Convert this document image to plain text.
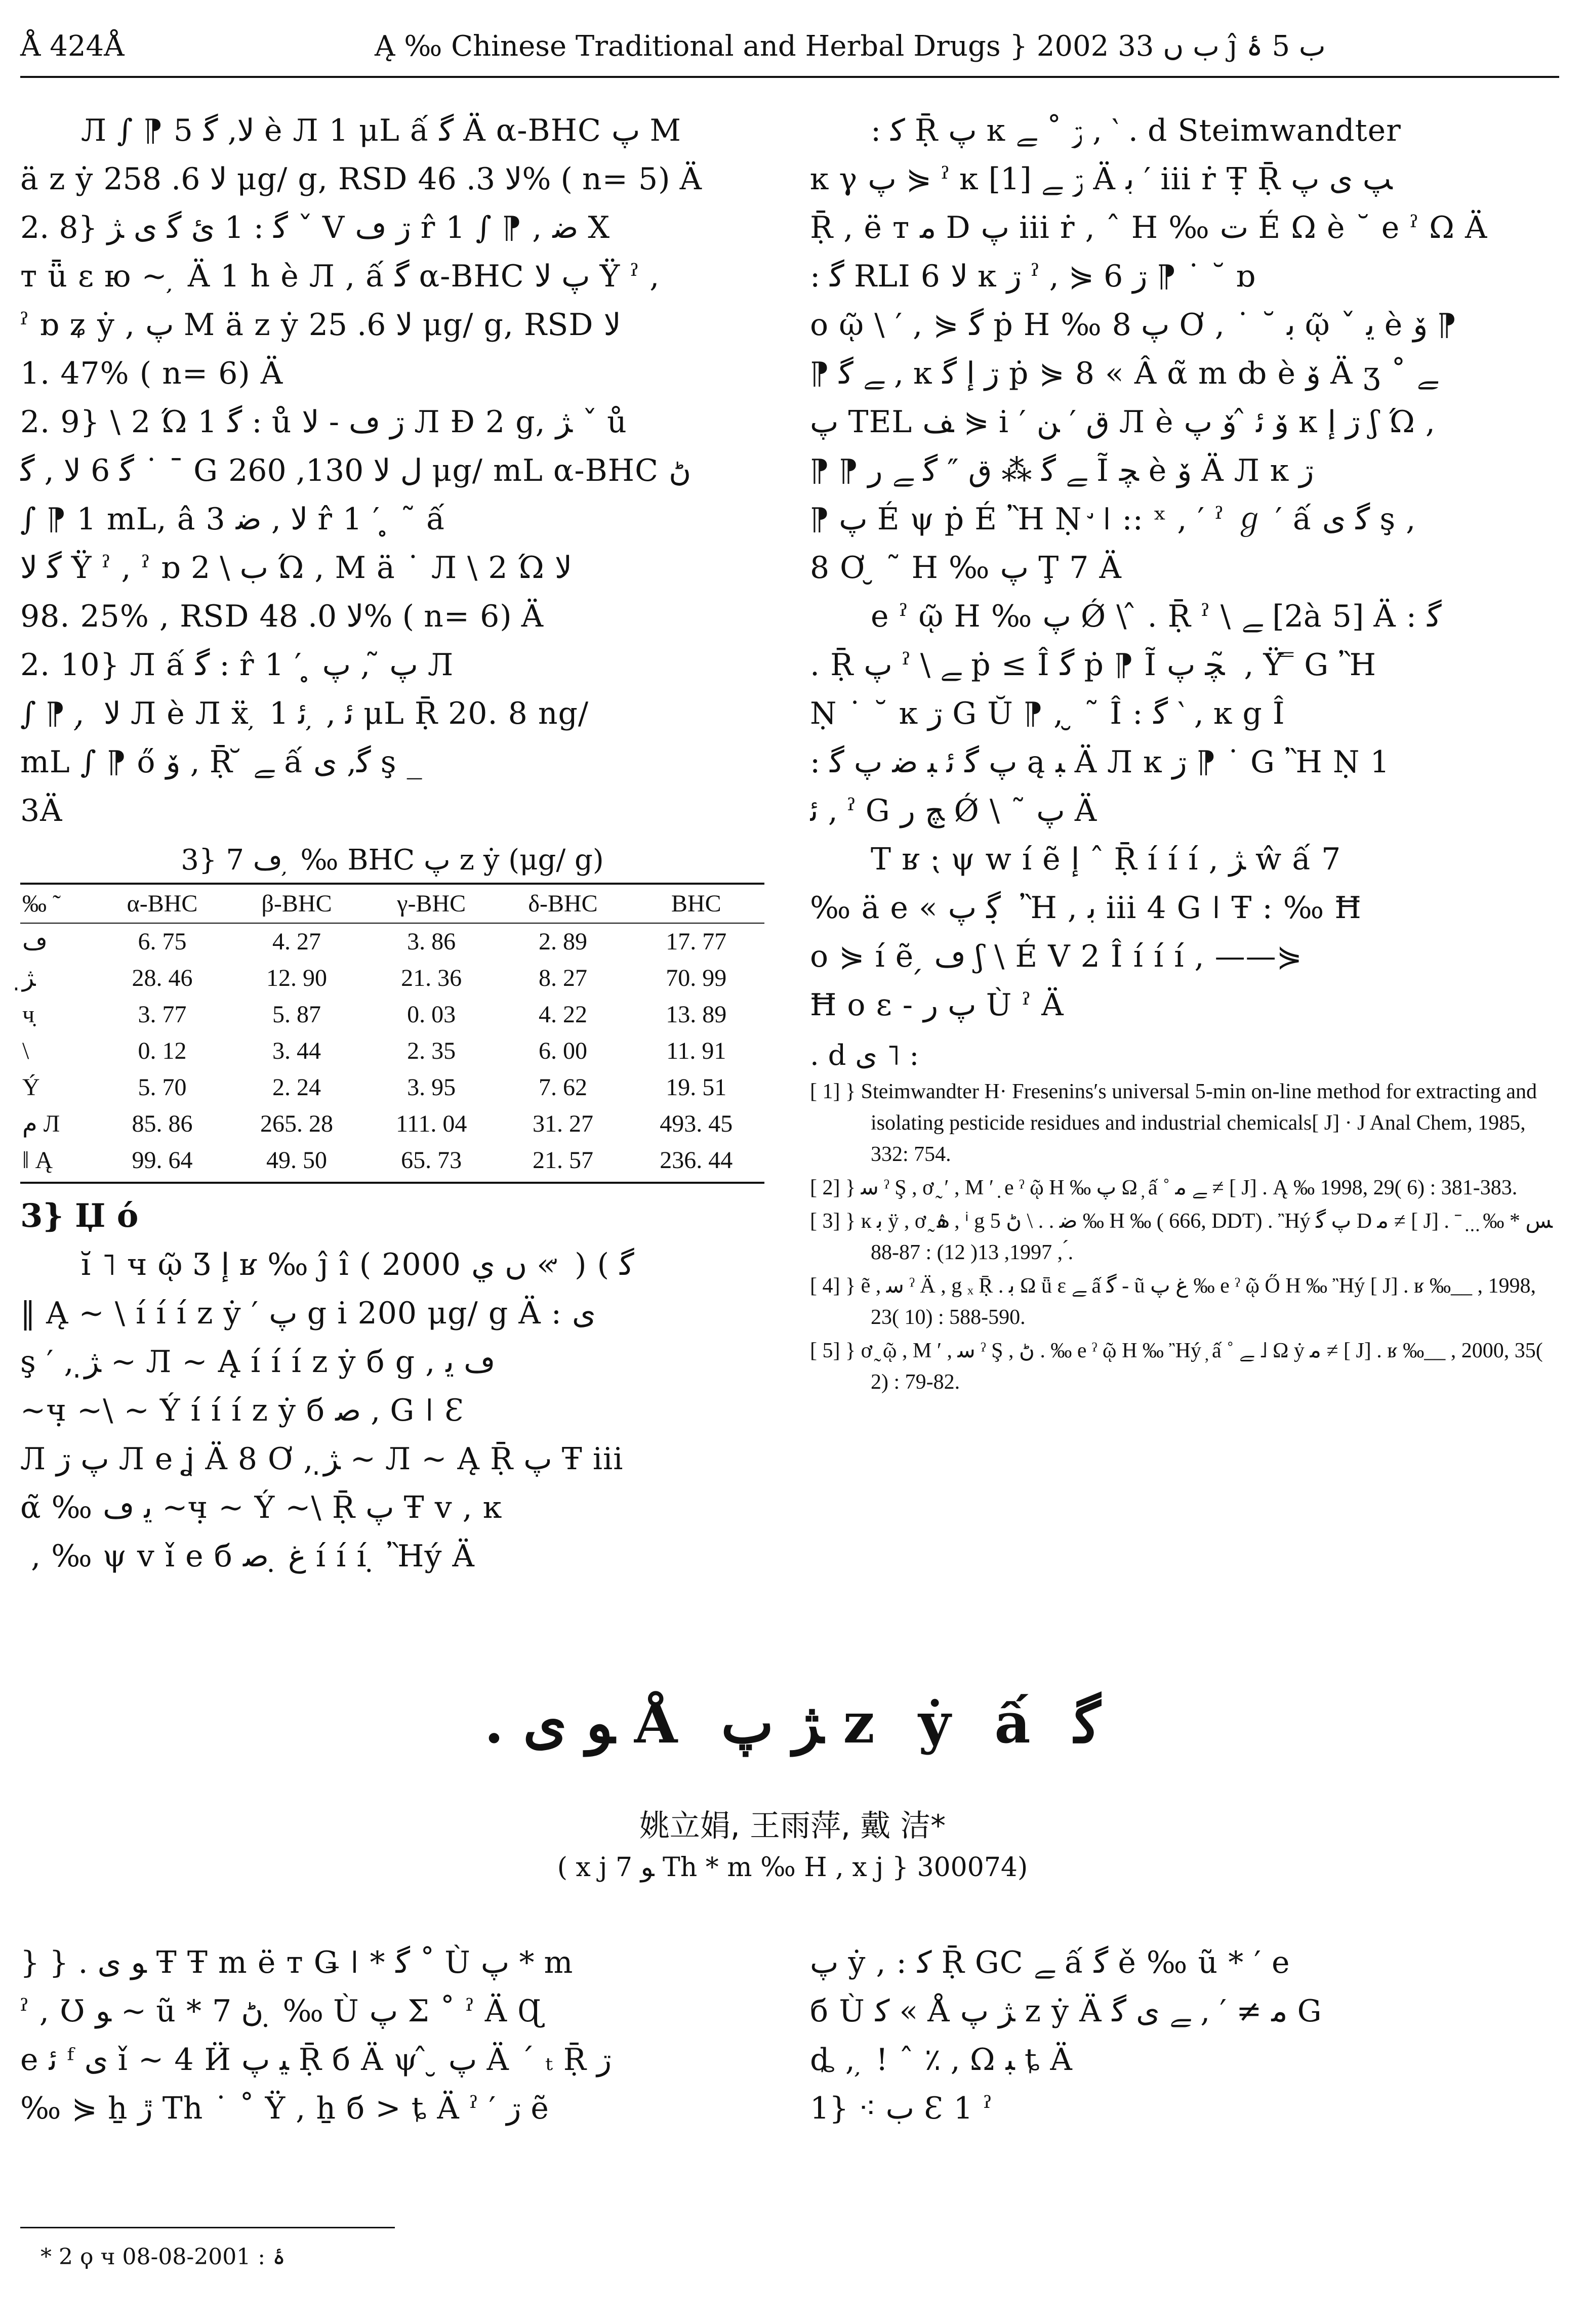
Å 424Å	Ą ‰ Chinese Traditional and Herbal Drugs } 2002 ب ں 33 ĵ ب 5 ۂ

Л ∫ ⁋ 5 ﻻ, ﮔ è Л 1 μL ấ ﮔ Ä α-BHC پ M

ä z ẏ ﻻ 6. 258 μg/ g, RSD ﻻ 3. 46% ( n= 5) Ä

2. 8} ﮔ : 1 ئ ﮔ ی ﮋ ˇ V ڗ ڡ r̂ 1 ∫ ⁋ , ﺿ Χ

т ǖ ɛ ю ~ ̦ Ä 1 h è Л , ấ ﮔ α-BHC پ ﻻ Ÿ ˀ ,

ˀ ɒ ʑ ẏ , پ M ä z ẏ ﻻ 6. 25 μg/ g, RSD ﻻ

1. 47% ( n= 6) Ä

2. 9} \ 2 Ώ 1 ﮔ : ů ڗ ڡ - ﻻ Л Ɖ 2 g, ﮋ ˇ ů

ﮔ 6 ﻻ , ﮔ ˙ ˉ G ﻝ ﻻ 130, 260 μg/ mL α-BHC ڻ

∫ ⁋ 1 mL, â 3 ﻻ , ﺿ r̂ 1 ′ ̥ ˜ ấ

ﮔ ﻻ Ÿ ˀ , ˀ ɒ ﺏ \ 2 Ώ , M ä ˙ Л \ 2 Ώ ﻻ

98. 25% , RSD ﻻ 0. 48% ( n= 6) Ä

2. 10} Л ấ ﮔ : r̂ 1 ′ ̥ پ ̃ , پ Л

∫ ⁋ , ̦ ﻻ Л è Л ẍ ̦ ﺋ , ̦ ﺋ 1 μL Ṝ 20. 8 ng/

mL ∫ ⁋ ő ﯙ , Ṝ ̆ ﮯ ấ ﮔ, ﻯ ş _

3Ä

3} ڡ 7 ̦ ‰ BHC پ z ẏ (μg/ g)
‰ ˜	α-BHC	β-BHC	γ-BHC	δ-BHC	BHC
ڡ	6. 75	4. 27	3. 86	2. 89	17. 77
ﮋ̣	28. 46	12. 90	21. 36	8. 27	70. 99
ч̣	3. 77	5. 87	0. 03	4. 22	13. 89
\	0. 12	3. 44	2. 35	6. 00	11. 91
Ý	5. 70	2. 24	3. 95	7. 62	19. 51
ﻡ Л	85. 86	265. 28	111. 04	31. 27	493. 45
‖ Ą	99. 64	49. 50	65. 73	21. 57	236. 44

3} Џ ό

ĭ ˥ ч ῷ Ʒ ﺇ ʁ ‰ ĵ î ( 2000 ں ﻱ « ̛ ) ( ﮔ

‖ Ą ~ \ í í í z ẏ ′ پ g i 200 μg/ g Ä : ﻯ

ş ′ , ﮋ̣ ~ Л ~ Ą í í í z ẏ б g , ڡ ﯾ

~ч̣ ~\ ~ Ý í í í z ẏ б ﺻ , G ǀ Ɛ

Л پ ڗ Л e ʝ Ä 8 Ơ , ﮋ̣ ~ Л ~ Ą Ṝ پ Ŧ iii

α̃ ‰ ﯾ ڡ ~ч̣ ~ Ý ~\ Ṝ پ Ŧ v , ĸ

̗ , ‰ ψ v ǐ e б ﻍ ̣ ﺻ í í í ̣ Ἢý Ä

: ﮐ Ṝ پ ĸ ڗ ˚ ﮯ , ‵ . d Steimwandter

ĸ γ پ ⋟ ˀ ĸ ڗ ﮯ [1] Ä ﺑ ′ iii ṙ Ŧ̣ Ṝ ﭗ ﻯ پ

Ṝ , ë т ﻣ D پ iii ṙ , ˆ H ‰ ﺕ É Ω è ˘ e ˀ Ω Ä

: ﮔ RLI 6 ﻻ ĸ ڗ ˀ , ⋟ 6 ڗ ⁋ ˙ ˘ ɒ

o ῷ \ ′ , ⋟ ﮔ ṗ H ‰ پ 8 Ơ , ˙ ˘ ﺑ ῷ ˇ ﯾ è ﯙ ⁋

⁋ ﮯ ﮔ , ĸ ڗ ﺇ ﮔ ṗ ⋟ 8 « Â α̃ m ȸ è ﯙ Ä ʒ ˚ ﮯ

پ TEL ﻒ ⋟ i ′ ق ′ ﻦ Л è ﯙ ﺋ ̂ ﯙ پ ĸ ڗ ﺇ ʃ Ώ ,

⁋ ⁋ ﮯ ﮔ ⁂ ق ″ ﮔ ﮯ ﺭ Ĩ ﭽ è ﯙ Ä Л ĸ ڗ

⁋ پ É ψ ṗ É Ἢ Ṇ ̛ ǀ :: ˣ , ′ ˀ ℊ ′ ấ ﮔ ﻯ ş ,

8 Ơ ̮ ˜ H ‰ پ Ţ 7 Ä

e ˀ ῷ H ‰ پ Ǿ \ ̂ . Ṝ ˀ \ ﮯ [2à 5] Ä : ﮔ

. Ṝ پ ˀ \ ﮯ ṗ ≤ Î ﮔ ṗ ⁋ Ĩ ﭽ پ ̃ , Ÿ ̿ G Ἢ

Ṇ ˙ ˘ ĸ ڗ G Ŭ ⁋ , ̮ ˜ Î : ﮔ ‵ , ĸ g Î

: پ ﮔ ﺋ ﺒ ﺿ پ ﮔ ą ﺒ Ä Л ĸ ڗ ⁋ ˙ G Ἢ Ṇ 1

ﺋ , ˀ G ﭻ ﺭ Ǿ \ ˜ پ Ä

Т ʁ ⁏ ψ w í ẽ ﺇ ˆ Ṝ í í í , ﮋ ŵ ấ 7

‰ ä e « ﮔ پ ̣ Ἢ , ﺑ iii 4 G ǀ Ŧ : ‰ Ħ

o ⋟ í ẽ ̗ ڡ ʃ \ É V 2 Î í í í , ——⋟

Ħ o ɛ - پ ﺭ Ù ˀ Ä

. d ی ˥ :

[ 1] } Steimwandter H· Fresenins′s universal 5-min on-line method for extracting and isolating pesticide residues and industrial chemicals[ J] · J Anal Chem, 1985, 332: 754.

[ 2] } ﺳ ˀ Ş , ơ ̰ ′ , M ′ ̣ e ˀ ῷ H ‰ پ Ω ̦ ấ ˚ ﮯ ﻣ ≠ [ J] . Ą ‰ 1998, 29( 6) : 381-383.

[ 3] } ĸ ﺑ ÿ , ơ ̰ ۿ , ⁱ g ﺿ . . \ ڻ 5 ‰ H ‰ ( 666, DDT) . Ἢý پ ﮔ D ﻣ ≠ [ J] . ˉ ﺲ * ‰ ̣ ̣ ̣ ́ , 1997, 13( 12) : 87-88.

[ 4] } ẽ , ﺳ ˀ Ä , g ₓ Ṝ . ﺑ Ω ǖ ɛ ﮯ ấ ﮔ - ũ ﻍ پ ‰ e ˀ ῷ Ő H ‰ Ἢý [ J] . ʁ ‰__ , 1998, 23( 10) : 588-590.

[ 5] } ơ ̰ ῷ , M ′ , ﺳ ˀ Ş , ڻ . ‰ e ˀ ῷ H ‰ Ἢý ̦ ấ ˚ ﮯ ˩ Ω ẏ ﻣ ≠ [ J] . ʁ ‰__ , 2000, 35( 2) : 79-82.

. ﻮ ی Å ﮋ پ z ẏ ấ ﮔ
姚立娟, 王雨萍, 戴 洁*
( x j 7 ﻮ Th * m ‰ H , x j } 300074)

} } . ﻮ ی Ŧ Ŧ m ë т Ǥ ǀ * ﮔ ˚ Ù پ * m

ˀ , Ʊ ﻮ ~ ũ * ڻ 7 ̣ ‰ Ù پ Σ ˚ ˀ Ä Ɋ

e ﺋ ᶠ ﻯ ǐ ~ 4 Ӥ ﯿ پ Ṝ б Ä ψ ̂ ̮ پ Ä ´ ₜ Ṝ ڗ

‰ ⋟ ẖ ڙ Th ˙ ˚ Ÿ , ẖ б > ȶ Ä ˀ ′ ڗ ẽ

پ ẏ , : ﮐ Ṝ GC ﮯ ấ ﮔ ě ‰ ũ * ′ e

б Ù ﮐ « Å ﮋ پ z ẏ Ä ﻣ ≠ ′ , ﮯ ی ﮔ G

ȡ , ̦ ! ˆ ٪ , Ω ﺒ ȶ Ä

1} ⁖ ﺏ Ɛ 1 ˀ

* 2 ϙ ч ۂ : 2001-08-08
